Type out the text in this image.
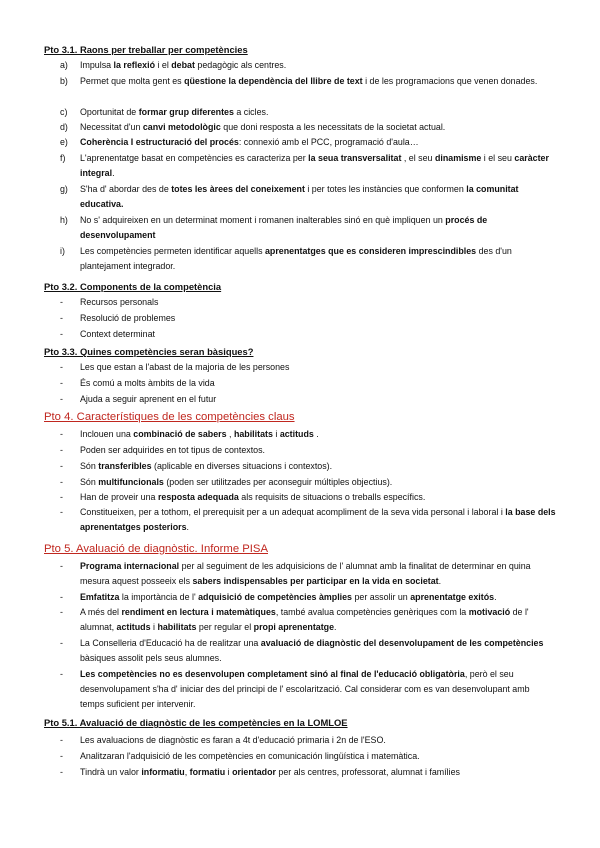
Pto 3.1. Raons per treballar per competències
a) Impulsa la reflexió i el debat pedagògic als centres.
b) Permet que molta gent es qüestione la dependència del llibre de text i de les programacions que venen donades.
c) Oportunitat de formar grup diferentes a cicles.
d) Necessitat d'un canvi metodològic que doni resposta a les necessitats de la societat actual.
e) Coherència I estructuració del procés: connexió amb el PCC, programació d'aula…
f) L'aprenentatge basat en competències es caracteriza per la seua transversalitat , el seu dinamisme i el seu caràcter integral.
g) S'ha d' abordar des de totes les àrees del coneixement i per totes les instàncies que conformen la comunitat educativa.
h) No s' adquireixen en un determinat moment i romanen inalterables sinó en què impliquen un procés de desenvolupament
i) Les competències permeten identificar aquells aprenentatges que es consideren imprescindibles des d'un plantejament integrador.
Pto 3.2. Components de la competència
- Recursos personals
- Resolució de problemes
- Context determinat
Pto 3.3. Quines competències seran bàsiques?
- Les que estan a l'abast de la majoria de les persones
- És comú a molts àmbits de la vida
- Ajuda a seguir aprenent en el futur
Pto 4. Característiques de les competències claus
- Inclouen una combinació de sabers , habilitats i actituds .
- Poden ser adquirides en tot tipus de contextos.
- Són transferibles (aplicable en diverses situacions i contextos).
- Són multifuncionals (poden ser utilitzades per aconseguir múltiples objectius).
- Han de proveir una resposta adequada als requisits de situacions o treballs específics.
- Constitueixen, per a tothom, el prerequisit per a un adequat acompliment de la seva vida personal i laboral i la base dels aprenentatges posteriors.
Pto 5. Avaluació de diagnòstic. Informe PISA
- Programa internacional per al seguiment de les adquisicions de l' alumnat amb la finalitat de determinar en quina mesura aquest posseeix els sabers indispensables per participar en la vida en societat.
- Emfatitza la importància de l' adquisició de competències àmplies per assolir un aprenentatge exitós.
- A més del rendiment en lectura i matemàtiques, també avalua competències genèriques com la motivació de l' alumnat, actituds i habilitats per regular el propi aprenentatge.
- La Conselleria d'Educació ha de realitzar una avaluació de diagnòstic del desenvolupament de les competències bàsiques assolit pels seus alumnes.
- Les competències no es desenvolupen completament sinó al final de l'educació obligatòria, però el seu desenvolupament s'ha d' iniciar des del principi de l' escolarització. Cal considerar com es van desenvolupant amb temps suficient per intervenir.
Pto 5.1. Avaluació de diagnòstic de les competències en la LOMLOE
- Les avaluacions de diagnòstic es faran a 4t d'educació primaria i 2n de l'ESO.
- Analitzaran l'adquisició de les competències en comunicación lingüística i matemàtica.
- Tindrà un valor informatiu, formatiu i orientador per als centres, professorat, alumnat i famílies
